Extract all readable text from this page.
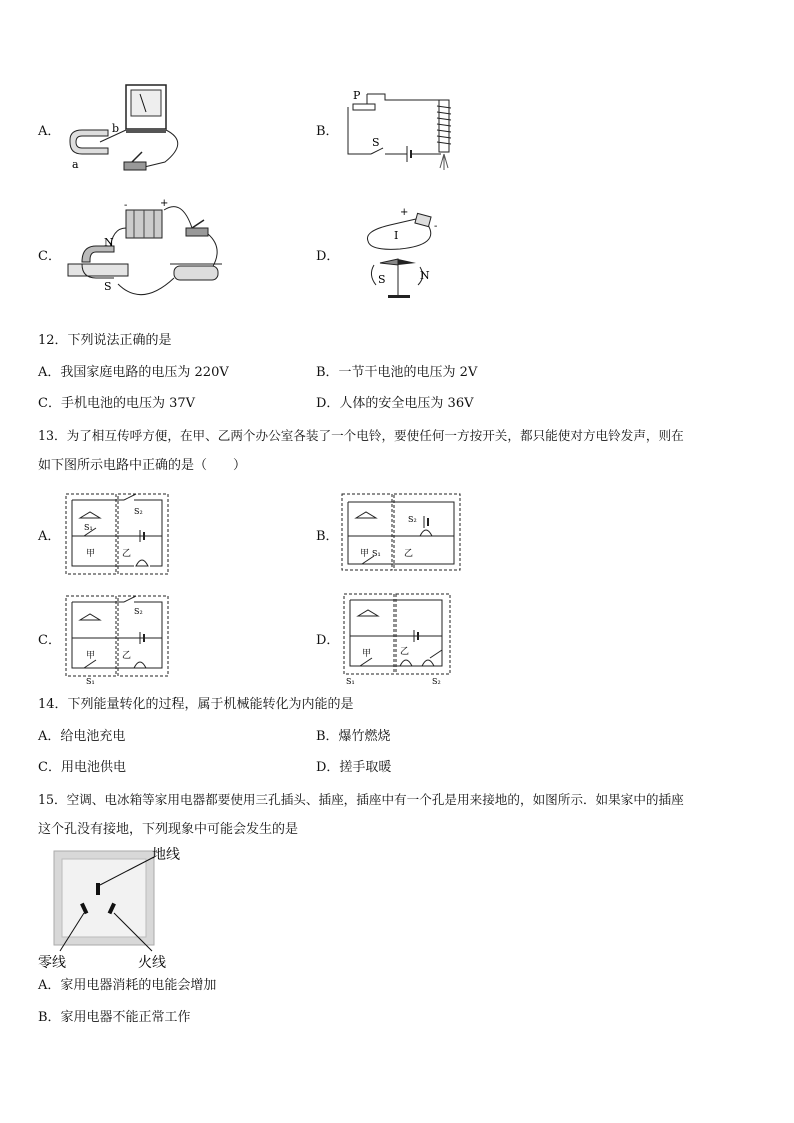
A．	B．
C．	D．
b
a
P
S
-	+
N
S
+
-
I
S	N
12．下列说法正确的是
A．我国家庭电路的电压为 220V	B．一节干电池的电压为 2V
C．手机电池的电压为 37V	D．人体的安全电压为 36V
13．为了相互传呼方便，在甲、乙两个办公室各装了一个电铃，要使任何一方按开关，都只能使对方电铃发声，则在
如下图所示电路中正确的是（　　）
A．	B．
C．	D．
甲	乙
S₁
S₂
甲	乙
S₁
S₂
甲	乙
S₁
S₂
甲	乙
S₁	S₂
14．下列能量转化的过程，属于机械能转化为内能的是
A．给电池充电	B．爆竹燃烧
C．用电池供电	D．搓手取暖
15．空调、电冰箱等家用电器都要使用三孔插头、插座，插座中有一个孔是用来接地的，如图所示．如果家中的插座
这个孔没有接地，下列现象中可能会发生的是
地线
零线	火线
A．家用电器消耗的电能会增加
B．家用电器不能正常工作
